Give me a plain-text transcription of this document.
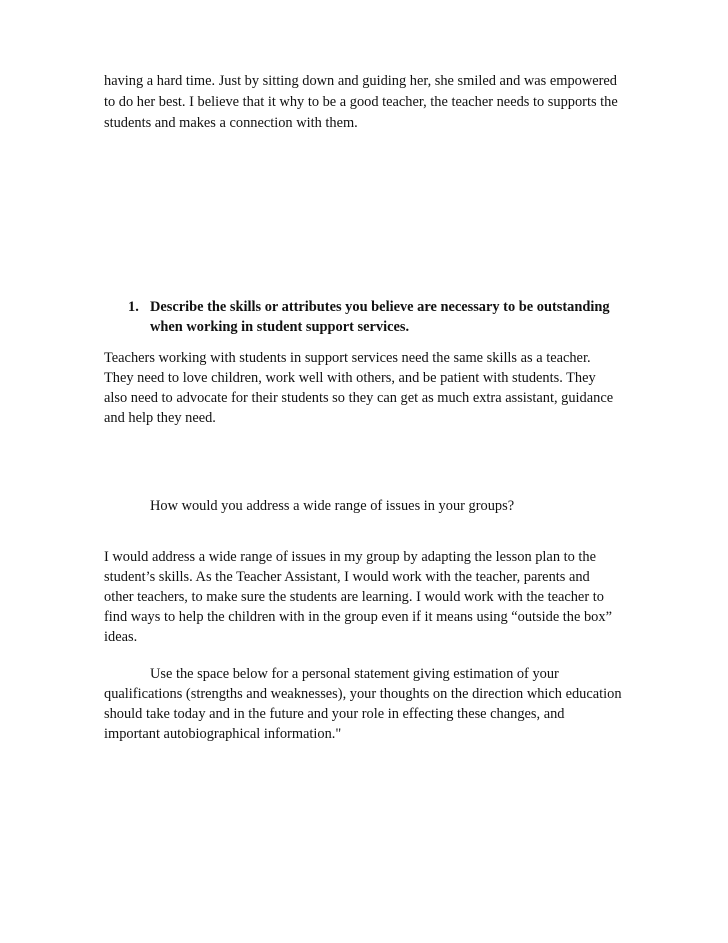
having a hard time. Just by sitting down and guiding her, she smiled and was empowered
to do her best. I believe that it why to be a good teacher, the teacher needs to supports the
students and makes a connection with them.
1. Describe the skills or attributes you believe are necessary to be outstanding
when working in student support services.
Teachers working with students in support services need the same skills as a teacher.
They need to love children, work well with others, and be patient with students. They
also need to advocate for their students so they can get as much extra assistant, guidance
and help they need.
How would you address a wide range of issues in your groups?
I would address a wide range of issues in my group by adapting the lesson plan to the
student’s skills. As the Teacher Assistant, I would work with the teacher, parents and
other teachers, to make sure the students are learning. I would work with the teacher to
find ways to help the children with in the group even if it means using “outside the box”
ideas.
Use the space below for a personal statement giving estimation of your
qualifications (strengths and weaknesses), your thoughts on the direction which education
should take today and in the future and your role in effecting these changes, and
important autobiographical information."
